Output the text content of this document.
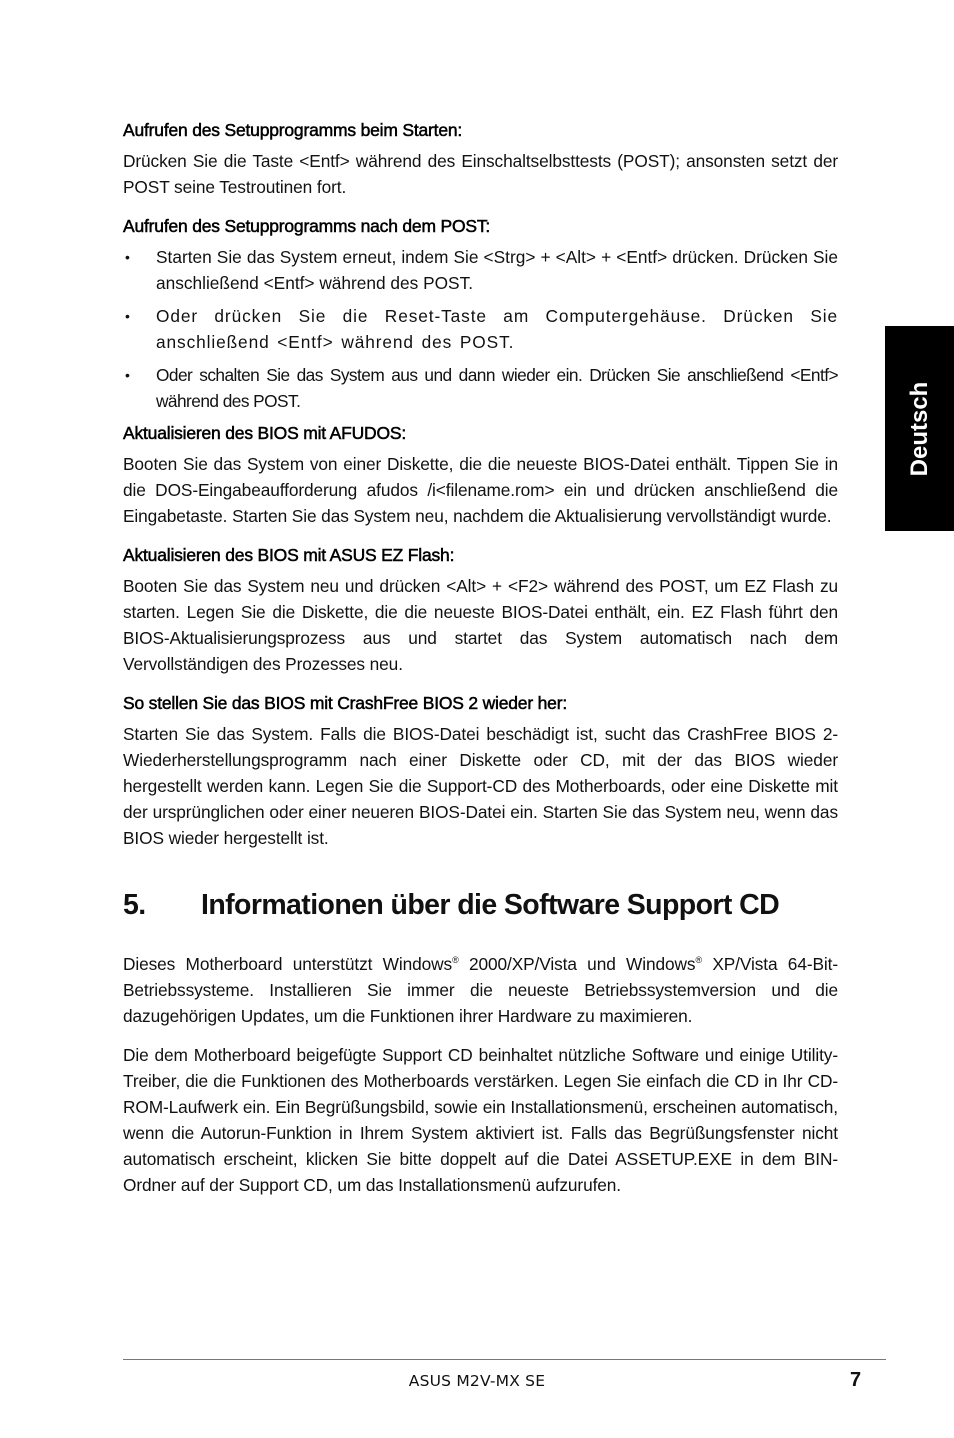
Aufrufen des Setupprogramms beim Starten:

Drücken Sie die Taste <Entf> während des Einschaltselbsttests (POST); ansonsten setzt der POST seine Testroutinen fort.

Aufrufen des Setupprogramms nach dem POST:
• Starten Sie das System erneut, indem Sie <Strg> + <Alt> + <Entf> drücken. Drücken Sie anschließend <Entf> während des POST.
• Oder drücken Sie die Reset-Taste am Computergehäuse. Drücken Sie anschließend <Entf> während des POST.
• Oder schalten Sie das System aus und dann wieder ein. Drücken Sie anschließend <Entf> während des POST.
Aktualisieren des BIOS mit AFUDOS:

Booten Sie das System von einer Diskette, die die neueste BIOS-Datei enthält. Tippen Sie in die DOS-Eingabeaufforderung afudos /i<filename.rom> ein und drücken anschließend die Eingabetaste. Starten Sie das System neu, nachdem die Aktualisierung vervollständigt wurde.

Aktualisieren des BIOS mit ASUS EZ Flash:

Booten Sie das System neu und drücken <Alt> + <F2> während des POST, um EZ Flash zu starten. Legen Sie die Diskette, die die neueste BIOS-Datei enthält, ein. EZ Flash führt den BIOS-Aktualisierungsprozess aus und startet das System automatisch nach dem Vervollständigen des Prozesses neu.

So stellen Sie das BIOS mit CrashFree BIOS 2 wieder her:

Starten Sie das System. Falls die BIOS-Datei beschädigt ist, sucht das CrashFree BIOS 2-Wiederherstellungsprogramm nach einer Diskette oder CD, mit der das BIOS wieder hergestellt werden kann. Legen Sie die Support-CD des Motherboards, oder eine Diskette mit der ursprünglichen oder einer neueren BIOS-Datei ein. Starten Sie das System neu, wenn das BIOS wieder hergestellt ist.

5.	Informationen über die Software Support CD

Dieses Motherboard unterstützt Windows® 2000/XP/Vista und Windows® XP/Vista 64-Bit-Betriebssysteme. Installieren Sie immer die neueste Betriebssystemversion und die dazugehörigen Updates, um die Funktionen ihrer Hardware zu maximieren.

Die dem Motherboard beigefügte Support CD beinhaltet nützliche Software und einige Utility-Treiber, die die Funktionen des Motherboards verstärken. Legen Sie einfach die CD in Ihr CD-ROM-Laufwerk ein. Ein Begrüßungsbild, sowie ein Installationsmenü, erscheinen automatisch, wenn die Autorun-Funktion in Ihrem System aktiviert ist. Falls das Begrüßungsfenster nicht automatisch erscheint, klicken Sie bitte doppelt auf die Datei ASSETUP.EXE in dem BIN-Ordner auf der Support CD, um das Installationsmenü aufzurufen.

Deutsch
ASUS M2V-MX SE	7
